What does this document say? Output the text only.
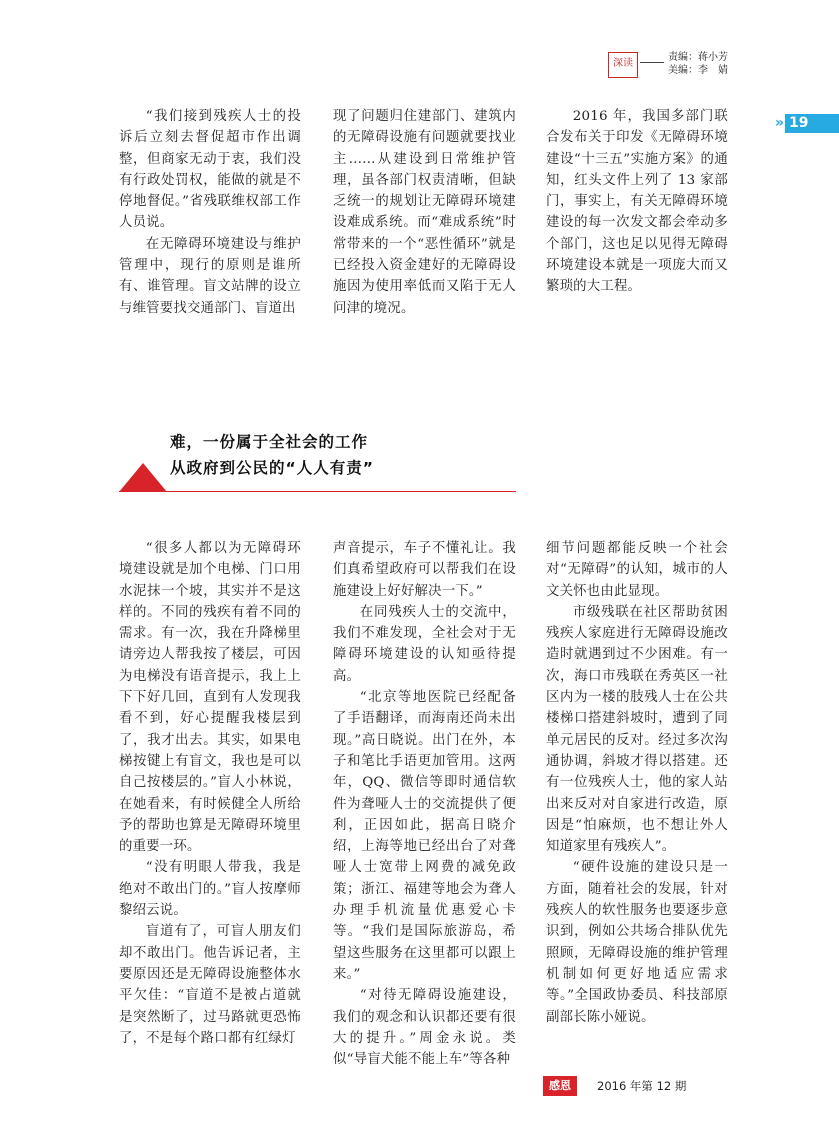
深读
责编：蒋小芳
美编：李　婧
» 19

“我们接到残疾人士的投诉后立刻去督促超市作出调整，但商家无动于衷，我们没有行政处罚权，能做的就是不停地督促。”省残联维权部工作人员说。

在无障碍环境建设与维护管理中，现行的原则是谁所有、谁管理。盲文站牌的设立与维管要找交通部门、盲道出

现了问题归住建部门、建筑内的无障碍设施有问题就要找业主……从建设到日常维护管理，虽各部门权责清晰，但缺乏统一的规划让无障碍环境建设难成系统。而“难成系统”时常带来的一个“恶性循环”就是已经投入资金建好的无障碍设施因为使用率低而又陷于无人问津的境况。

2016 年，我国多部门联合发布关于印发《无障碍环境建设“十三五”实施方案》的通知，红头文件上列了 13 家部门，事实上，有关无障碍环境建设的每一次发文都会牵动多个部门，这也足以见得无障碍环境建设本就是一项庞大而又繁琐的大工程。

难，一份属于全社会的工作
从政府到公民的“人人有责”

“很多人都以为无障碍环境建设就是加个电梯、门口用水泥抹一个坡，其实并不是这样的。不同的残疾有着不同的需求。有一次，我在升降梯里请旁边人帮我按了楼层，可因为电梯没有语音提示，我上上下下好几回，直到有人发现我看不到，好心提醒我楼层到了，我才出去。其实，如果电梯按键上有盲文，我也是可以自己按楼层的。”盲人小林说，在她看来，有时候健全人所给予的帮助也算是无障碍环境里的重要一环。

“没有明眼人带我，我是绝对不敢出门的。”盲人按摩师黎绍云说。

盲道有了，可盲人朋友们却不敢出门。他告诉记者，主要原因还是无障碍设施整体水平欠佳：“盲道不是被占道就是突然断了，过马路就更恐怖了，不是每个路口都有红绿灯

声音提示，车子不懂礼让。我们真希望政府可以帮我们在设施建设上好好解决一下。”

在同残疾人士的交流中，我们不难发现，全社会对于无障碍环境建设的认知亟待提高。

“北京等地医院已经配备了手语翻译，而海南还尚未出现。”高日晓说。出门在外，本子和笔比手语更加管用。这两年，QQ、微信等即时通信软件为聋哑人士的交流提供了便利，正因如此，据高日晓介绍，上海等地已经出台了对聋哑人士宽带上网费的减免政策；浙江、福建等地会为聋人办理手机流量优惠爱心卡等。“我们是国际旅游岛，希望这些服务在这里都可以跟上来。”

“对待无障碍设施建设，我们的观念和认识都还要有很大的提升。”周金永说。类似“导盲犬能不能上车”等各种

细节问题都能反映一个社会对“无障碍”的认知，城市的人文关怀也由此显现。

市级残联在社区帮助贫困残疾人家庭进行无障碍设施改造时就遇到过不少困难。有一次，海口市残联在秀英区一社区内为一楼的肢残人士在公共楼梯口搭建斜坡时，遭到了同单元居民的反对。经过多次沟通协调，斜坡才得以搭建。还有一位残疾人士，他的家人站出来反对对自家进行改造，原因是“怕麻烦，也不想让外人知道家里有残疾人”。

“硬件设施的建设只是一方面，随着社会的发展，针对残疾人的软性服务也要逐步意识到，例如公共场合排队优先照顾，无障碍设施的维护管理机制如何更好地适应需求等。”全国政协委员、科技部原副部长陈小娅说。

感恩	2016 年第 12 期
